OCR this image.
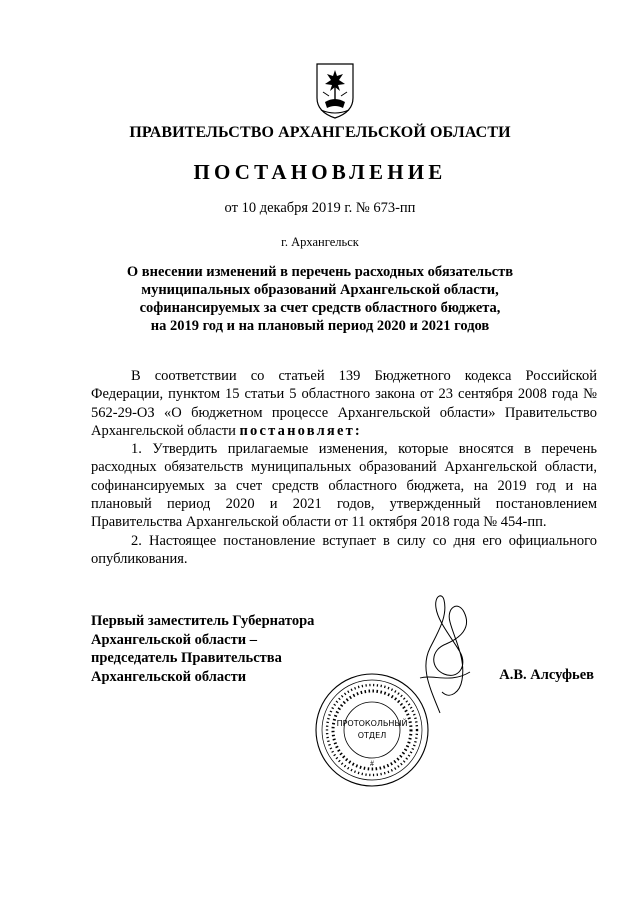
ПРАВИТЕЛЬСТВО АРХАНГЕЛЬСКОЙ ОБЛАСТИ
ПОСТАНОВЛЕНИЕ
от 10 декабря 2019 г. № 673-пп
г. Архангельск
О внесении изменений в перечень расходных обязательств
муниципальных образований Архангельской области,
софинансируемых за счет средств областного бюджета,
на 2019 год и на плановый период 2020 и 2021 годов

В соответствии со статьей 139 Бюджетного кодекса Российской Федерации, пунктом 15 статьи 5 областного закона от 23 сентября 2008 года № 562-29-ОЗ «О бюджетном процессе Архангельской области» Правительство Архангельской области постановляет:

1. Утвердить прилагаемые изменения, которые вносятся в перечень расходных обязательств муниципальных образований Архангельской области, софинансируемых за счет средств областного бюджета, на 2019 год и на плановый период 2020 и 2021 годов, утвержденный постановлением Правительства Архангельской области от 11 октября 2018 года № 454-пп.

2. Настоящее постановление вступает в силу со дня его официального опубликования.

Первый заместитель Губернатора
Архангельской области –
председатель Правительства
Архангельской области
ПРОТОКОЛЬНЫЙ
ОТДЕЛ
#
А.В. Алсуфьев
